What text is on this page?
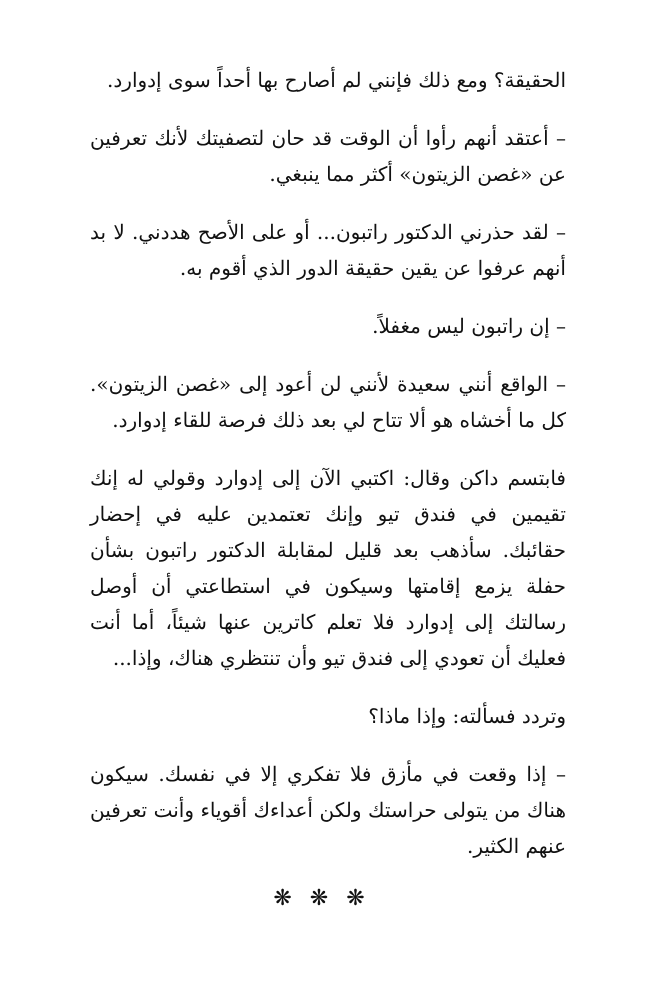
الحقيقة؟ ومع ذلك فإنني لم أصارح بها أحداً سوى إدوارد.

– أعتقد أنهم رأوا أن الوقت قد حان لتصفيتك لأنك تعرفين عن «غصن الزيتون» أكثر مما ينبغي.

– لقد حذرني الدكتور راتبون... أو على الأصح هددني. لا بد أنهم عرفوا عن يقين حقيقة الدور الذي أقوم به.

– إن راتبون ليس مغفلاً.

– الواقع أنني سعيدة لأنني لن أعود إلى «غصن الزيتون». كل ما أخشاه هو ألا تتاح لي بعد ذلك فرصة للقاء إدوارد.

فابتسم داكن وقال: اكتبي الآن إلى إدوارد وقولي له إنك تقيمين في فندق تيو وإنك تعتمدين عليه في إحضار حقائبك. سأذهب بعد قليل لمقابلة الدكتور راتبون بشأن حفلة يزمع إقامتها وسيكون في استطاعتي أن أوصل رسالتك إلى إدوارد فلا تعلم كاترين عنها شيئاً، أما أنت فعليك أن تعودي إلى فندق تيو وأن تنتظري هناك، وإذا...

وتردد فسألته: وإذا ماذا؟

– إذا وقعت في مأزق فلا تفكري إلا في نفسك. سيكون هناك من يتولى حراستك ولكن أعداءك أقوياء وأنت تعرفين عنهم الكثير.

❋❋❋
